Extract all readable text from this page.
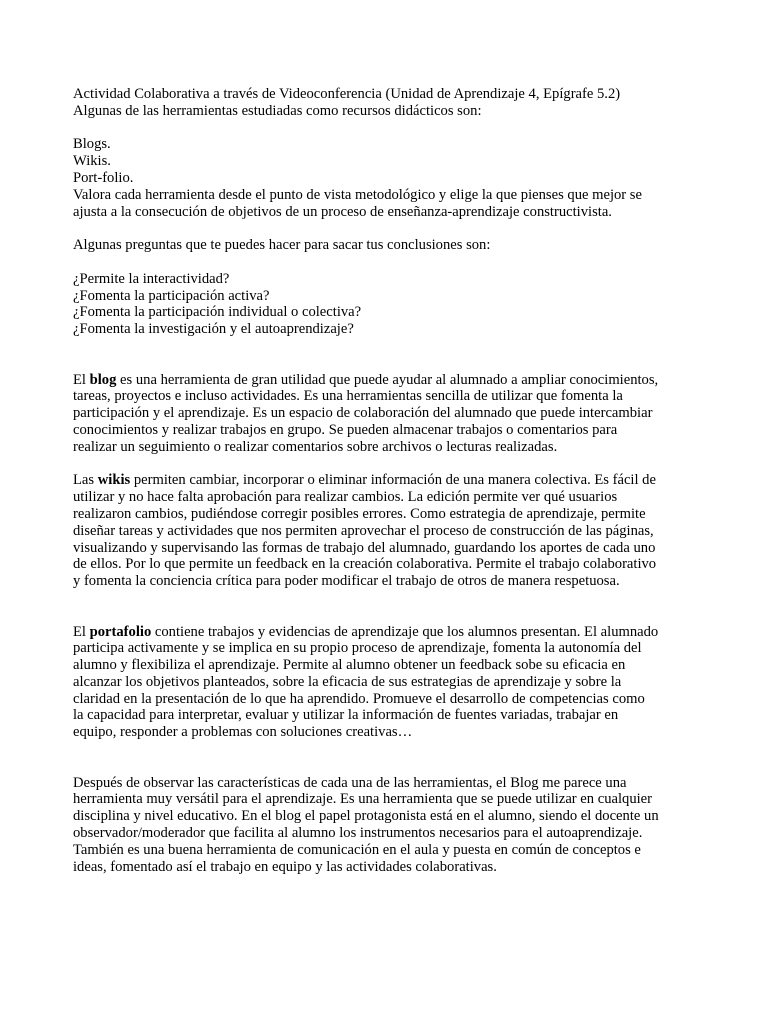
Actividad Colaborativa a través de Videoconferencia (Unidad de Aprendizaje 4, Epígrafe 5.2)
Algunas de las herramientas estudiadas como recursos didácticos son:
Blogs.
Wikis.
Port-folio.
Valora cada herramienta desde el punto de vista metodológico y elige la que pienses que mejor se
ajusta a la consecución de objetivos de un proceso de enseñanza-aprendizaje constructivista.
Algunas preguntas que te puedes hacer para sacar tus conclusiones son:
¿Permite la interactividad?
¿Fomenta la participación activa?
¿Fomenta la participación individual o colectiva?
¿Fomenta la investigación y el autoaprendizaje?
El blog es una herramienta de gran utilidad que puede ayudar al alumnado a ampliar conocimientos,
tareas, proyectos e incluso actividades. Es una herramientas sencilla de utilizar que fomenta la
participación y el aprendizaje. Es un espacio de colaboración del alumnado que puede intercambiar
conocimientos y realizar trabajos en grupo. Se pueden almacenar trabajos o comentarios para
realizar un seguimiento o realizar comentarios sobre archivos o lecturas realizadas.
Las wikis permiten cambiar, incorporar o eliminar información de una manera colectiva. Es fácil de
utilizar y no hace falta aprobación para realizar cambios. La edición permite ver qué usuarios
realizaron cambios, pudiéndose corregir posibles errores. Como estrategia de aprendizaje, permite
diseñar tareas y actividades que nos permiten aprovechar el proceso de construcción de las páginas,
visualizando y supervisando las formas de trabajo del alumnado, guardando los aportes de cada uno
de ellos. Por lo que permite un feedback en la creación colaborativa. Permite el trabajo colaborativo
y fomenta la conciencia crítica para poder modificar el trabajo de otros de manera respetuosa.
El portafolio contiene trabajos y evidencias de aprendizaje que los alumnos presentan. El alumnado
participa activamente y se implica en su propio proceso de aprendizaje, fomenta la autonomía del
alumno y flexibiliza el aprendizaje. Permite al alumno obtener un feedback sobe su eficacia en
alcanzar los objetivos planteados, sobre la eficacia de sus estrategias de aprendizaje y sobre la
claridad en la presentación de lo que ha aprendido. Promueve el desarrollo de competencias como
la capacidad para interpretar, evaluar y utilizar la información de fuentes variadas, trabajar en
equipo, responder a problemas con soluciones creativas…
Después de observar las características de cada una de las herramientas, el Blog me parece una
herramienta muy versátil para el aprendizaje. Es una herramienta que se puede utilizar en cualquier
disciplina y nivel educativo. En el blog el papel protagonista está en el alumno, siendo el docente un
observador/moderador que facilita al alumno los instrumentos necesarios para el autoaprendizaje.
También es una buena herramienta de comunicación en el aula y puesta en común de conceptos e
ideas, fomentado así el trabajo en equipo y las actividades colaborativas.
